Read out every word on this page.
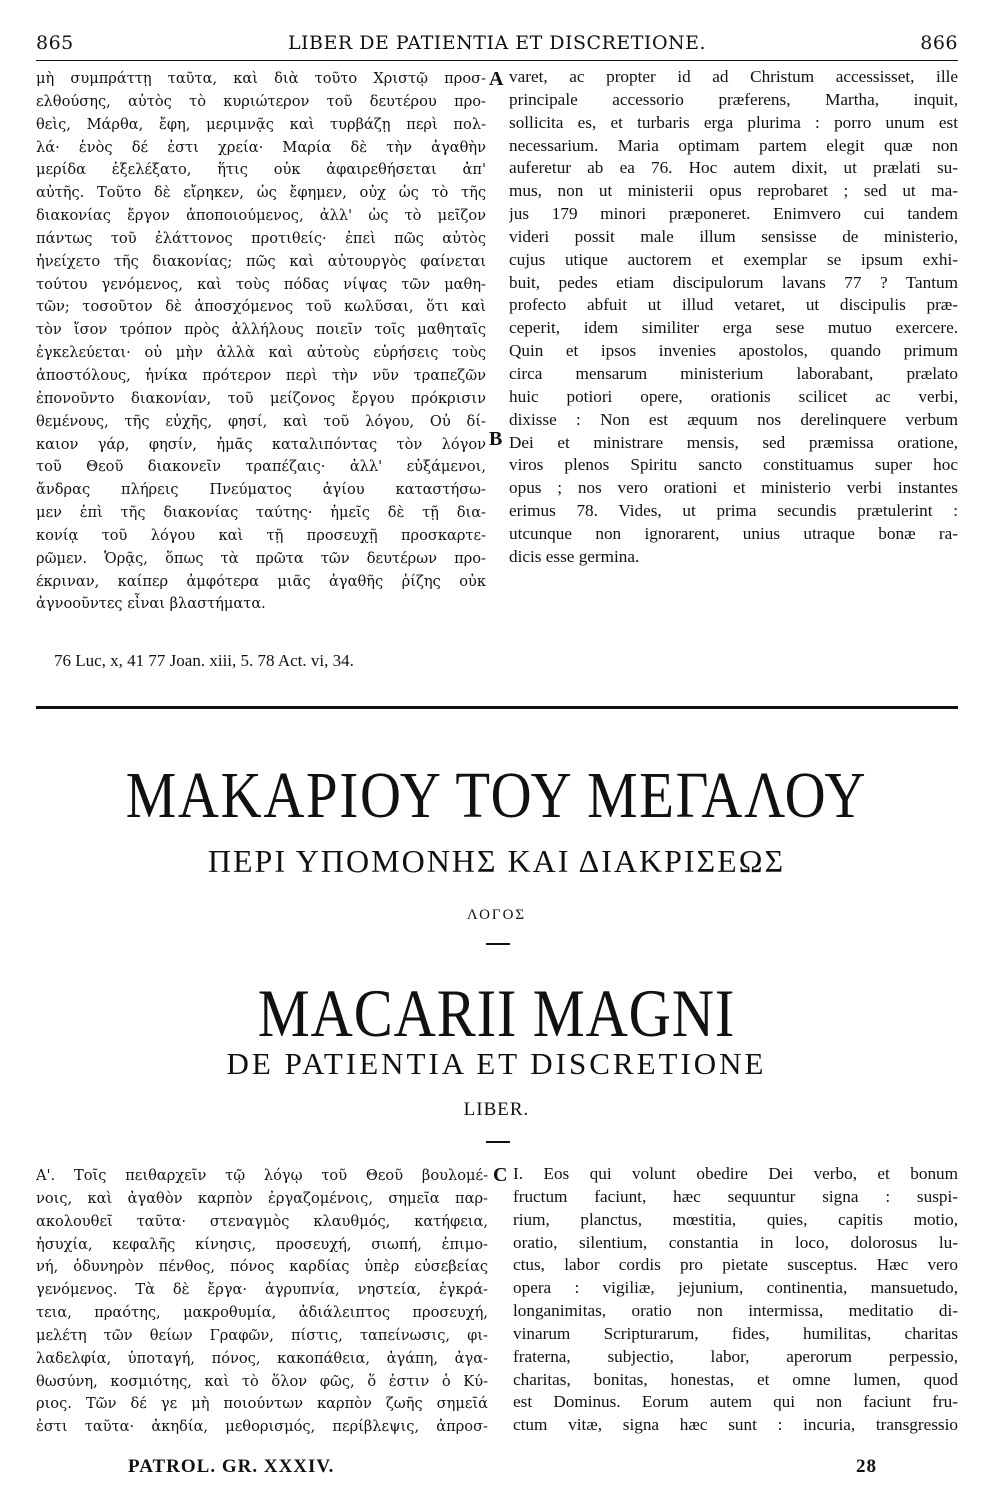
865	LIBER DE PATIENTIA ET DISCRETIONE.	866
μὴ συμπράττῃ ταῦτα, καὶ διὰ τοῦτο Χριστῷ προσ-
ελθούσης, αὐτὸς τὸ κυριώτερον τοῦ δευτέρου προ-
θεὶς, Μάρθα, ἔφη, μεριμνᾷς καὶ τυρβάζῃ περὶ πολ-
λά· ἑνὸς δέ ἐστι χρεία· Μαρία δὲ τὴν ἀγαθὴν
μερίδα ἐξελέξατο, ἥτις οὐκ ἀφαιρεθήσεται ἀπ'
αὐτῆς. Τοῦτο δὲ εἴρηκεν, ὡς ἔφημεν, οὐχ ὡς τὸ τῆς
διακονίας ἔργον ἀποποιούμενος, ἀλλ' ὡς τὸ μεῖζον
πάντως τοῦ ἐλάττονος προτιθείς· ἐπεὶ πῶς αὐτὸς
ἠνείχετο τῆς διακονίας; πῶς καὶ αὐτουργὸς φαίνεται
τούτου γενόμενος, καὶ τοὺς πόδας νίψας τῶν μαθη-
τῶν; τοσοῦτον δὲ ἀποσχόμενος τοῦ κωλῦσαι, ὅτι καὶ
τὸν ἴσον τρόπον πρὸς ἀλλήλους ποιεῖν τοῖς μαθηταῖς
ἐγκελεύεται· οὐ μὴν ἀλλὰ καὶ αὐτοὺς εὑρήσεις τοὺς
ἀποστόλους, ἡνίκα πρότερον περὶ τὴν νῦν τραπεζῶν
ἐπονοῦντο διακονίαν, τοῦ μείζονος ἔργου πρόκρισιν
θεμένους, τῆς εὐχῆς, φησί, καὶ τοῦ λόγου, Οὐ δί-
καιον γάρ, φησίν, ἡμᾶς καταλιπόντας τὸν λόγον
τοῦ Θεοῦ διακονεῖν τραπέζαις· ἀλλ' εὐξάμενοι,
ἄνδρας πλήρεις Πνεύματος ἁγίου καταστήσω-
μεν ἐπὶ τῆς διακονίας ταύτης· ἡμεῖς δὲ τῇ δια-
κονίᾳ τοῦ λόγου καὶ τῇ προσευχῇ προσκαρτε-
ρῶμεν. Ὁρᾷς, ὅπως τὰ πρῶτα τῶν δευτέρων προ-
έκριναν, καίπερ ἀμφότερα μιᾶς ἀγαθῆς ῥίζης οὐκ
ἀγνοοῦντες εἶναι βλαστήματα.
A
B
varet, ac propter id ad Christum accessisset, ille
principale accessorio præferens, Martha, inquit,
sollicita es, et turbaris erga plurima : porro unum est
necessarium. Maria optimam partem elegit quæ non
auferetur ab ea 76. Hoc autem dixit, ut prælati su-
mus, non ut ministerii opus reprobaret ; sed ut ma-
jus 179 minori præponeret. Enimvero cui tandem
videri possit male illum sensisse de ministerio,
cujus utique auctorem et exemplar se ipsum exhi-
buit, pedes etiam discipulorum lavans 77 ? Tantum
profecto abfuit ut illud vetaret, ut discipulis præ-
ceperit, idem similiter erga sese mutuo exercere.
Quin et ipsos invenies apostolos, quando primum
circa mensarum ministerium laborabant, prælato
huic potiori opere, orationis scilicet ac verbi,
dixisse : Non est æquum nos derelinquere verbum
Dei et ministrare mensis, sed præmissa oratione,
viros plenos Spiritu sancto constituamus super hoc
opus ; nos vero orationi et ministerio verbi instantes
erimus 78. Vides, ut prima secundis prætulerint :
utcunque non ignorarent, unius utraque bonæ ra-
dicis esse germina.
76 Luc, x, 41 77 Joan. xiii, 5. 78 Act. vi, 34.
ΜΑΚΑΡΙΟΥ ΤΟΥ ΜΕΓΑΛΟΥ
ΠΕΡΙ ΥΠΟΜΟΝΗΣ ΚΑΙ ΔΙΑΚΡΙΣΕΩΣ
ΛΟΓΟΣ
MACARII MAGNI
DE PATIENTIA ET DISCRETIONE
LIBER.
Α'. Τοῖς πειθαρχεῖν τῷ λόγῳ τοῦ Θεοῦ βουλομέ-
νοις, καὶ ἀγαθὸν καρπὸν ἐργαζομένοις, σημεῖα παρ-
ακολουθεῖ ταῦτα· στεναγμὸς κλαυθμός, κατήφεια,
ἡσυχία, κεφαλῆς κίνησις, προσευχή, σιωπή, ἐπιμο-
νή, ὀδυνηρὸν πένθος, πόνος καρδίας ὑπὲρ εὐσεβείας
γενόμενος. Τὰ δὲ ἔργα· ἀγρυπνία, νηστεία, ἐγκρά-
τεια, πραότης, μακροθυμία, ἀδιάλειπτος προσευχή,
μελέτη τῶν θείων Γραφῶν, πίστις, ταπείνωσις, φι-
λαδελφία, ὑποταγή, πόνος, κακοπάθεια, ἀγάπη, ἀγα-
θωσύνη, κοσμιότης, καὶ τὸ ὅλον φῶς, ὅ ἐστιν ὁ Κύ-
ριος. Τῶν δέ γε μὴ ποιούντων καρπὸν ζωῆς σημεῖά
ἐστι ταῦτα· ἀκηδία, μεθορισμός, περίβλεψις, ἀπροσ-
C I. Eos qui volunt obedire Dei verbo, et bonum
fructum faciunt, hæc sequuntur signa : suspi-
rium, planctus, mœstitia, quies, capitis motio,
oratio, silentium, constantia in loco, dolorosus lu-
ctus, labor cordis pro pietate susceptus. Hæc vero
opera : vigiliæ, jejunium, continentia, mansuetudo,
longanimitas, oratio non intermissa, meditatio di-
vinarum Scripturarum, fides, humilitas, charitas
fraterna, subjectio, labor, aperorum perpessio,
charitas, bonitas, honestas, et omne lumen, quod
est Dominus. Eorum autem qui non faciunt fru-
ctum vitæ, signa hæc sunt : incuria, transgressio
PATROL. GR. XXXIV.	28
